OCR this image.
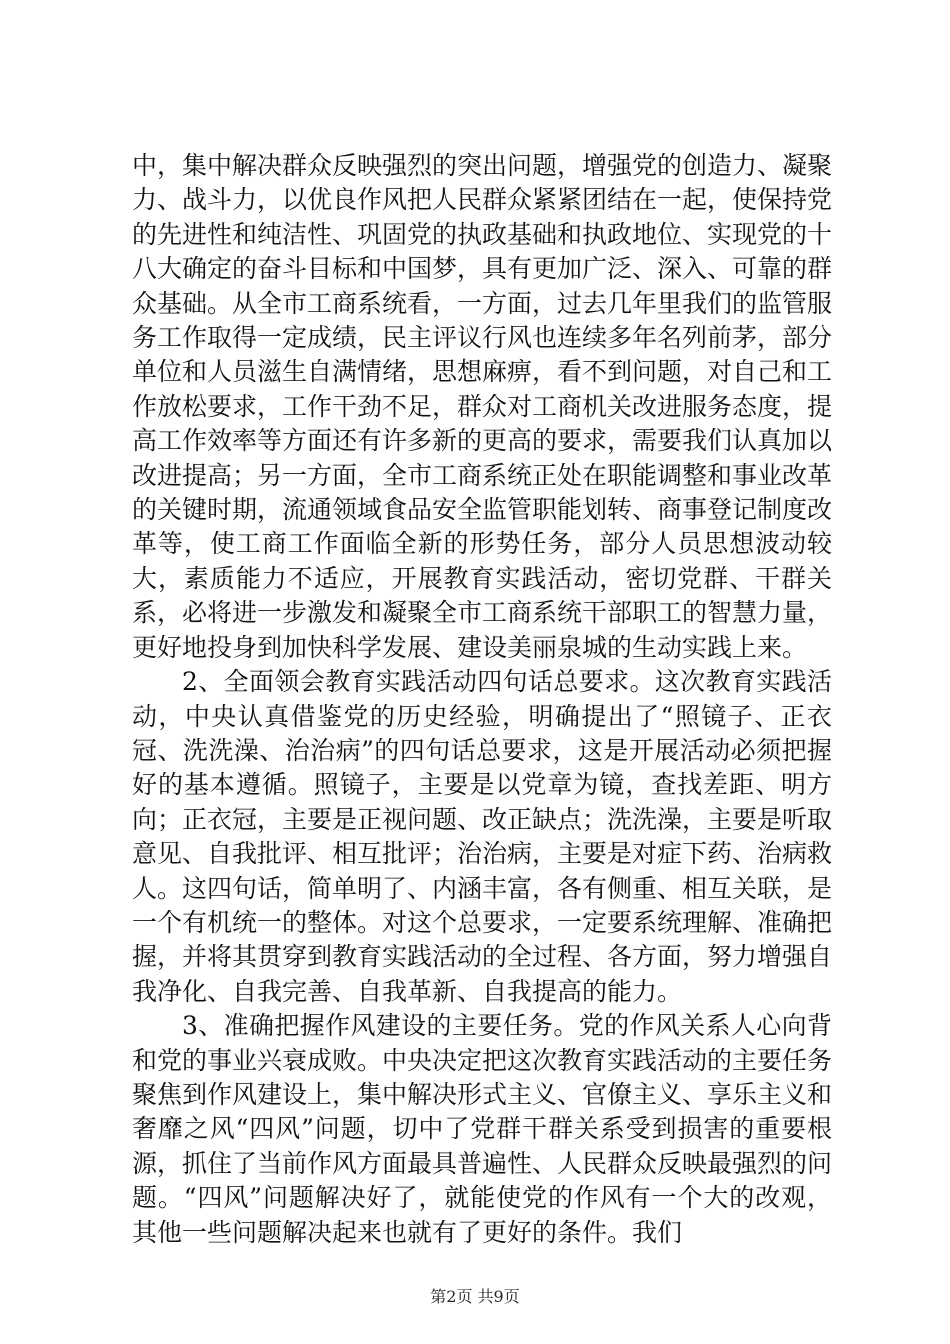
中，集中解决群众反映强烈的突出问题，增强党的创造力、凝聚力、战斗力，以优良作风把人民群众紧紧团结在一起，使保持党的先进性和纯洁性、巩固党的执政基础和执政地位、实现党的十八大确定的奋斗目标和中国梦，具有更加广泛、深入、可靠的群众基础。从全市工商系统看，一方面，过去几年里我们的监管服务工作取得一定成绩，民主评议行风也连续多年名列前茅，部分单位和人员滋生自满情绪，思想麻痹，看不到问题，对自己和工作放松要求，工作干劲不足，群众对工商机关改进服务态度，提高工作效率等方面还有许多新的更高的要求，需要我们认真加以改进提高；另一方面，全市工商系统正处在职能调整和事业改革的关键时期，流通领域食品安全监管职能划转、商事登记制度改革等，使工商工作面临全新的形势任务，部分人员思想波动较大，素质能力不适应，开展教育实践活动，密切党群、干群关系，必将进一步激发和凝聚全市工商系统干部职工的智慧力量，更好地投身到加快科学发展、建设美丽泉城的生动实践上来。

2、全面领会教育实践活动四句话总要求。这次教育实践活动，中央认真借鉴党的历史经验，明确提出了“照镜子、正衣冠、洗洗澡、治治病”的四句话总要求，这是开展活动必须把握好的基本遵循。照镜子，主要是以党章为镜，查找差距、明方向；正衣冠，主要是正视问题、改正缺点；洗洗澡，主要是听取意见、自我批评、相互批评；治治病，主要是对症下药、治病救人。这四句话，简单明了、内涵丰富，各有侧重、相互关联，是一个有机统一的整体。对这个总要求，一定要系统理解、准确把握，并将其贯穿到教育实践活动的全过程、各方面，努力增强自我净化、自我完善、自我革新、自我提高的能力。

3、准确把握作风建设的主要任务。党的作风关系人心向背和党的事业兴衰成败。中央决定把这次教育实践活动的主要任务聚焦到作风建设上，集中解决形式主义、官僚主义、享乐主义和奢靡之风“四风”问题，切中了党群干群关系受到损害的重要根源，抓住了当前作风方面最具普遍性、人民群众反映最强烈的问题。“四风”问题解决好了，就能使党的作风有一个大的改观，其他一些问题解决起来也就有了更好的条件。我们

第2页 共9页
